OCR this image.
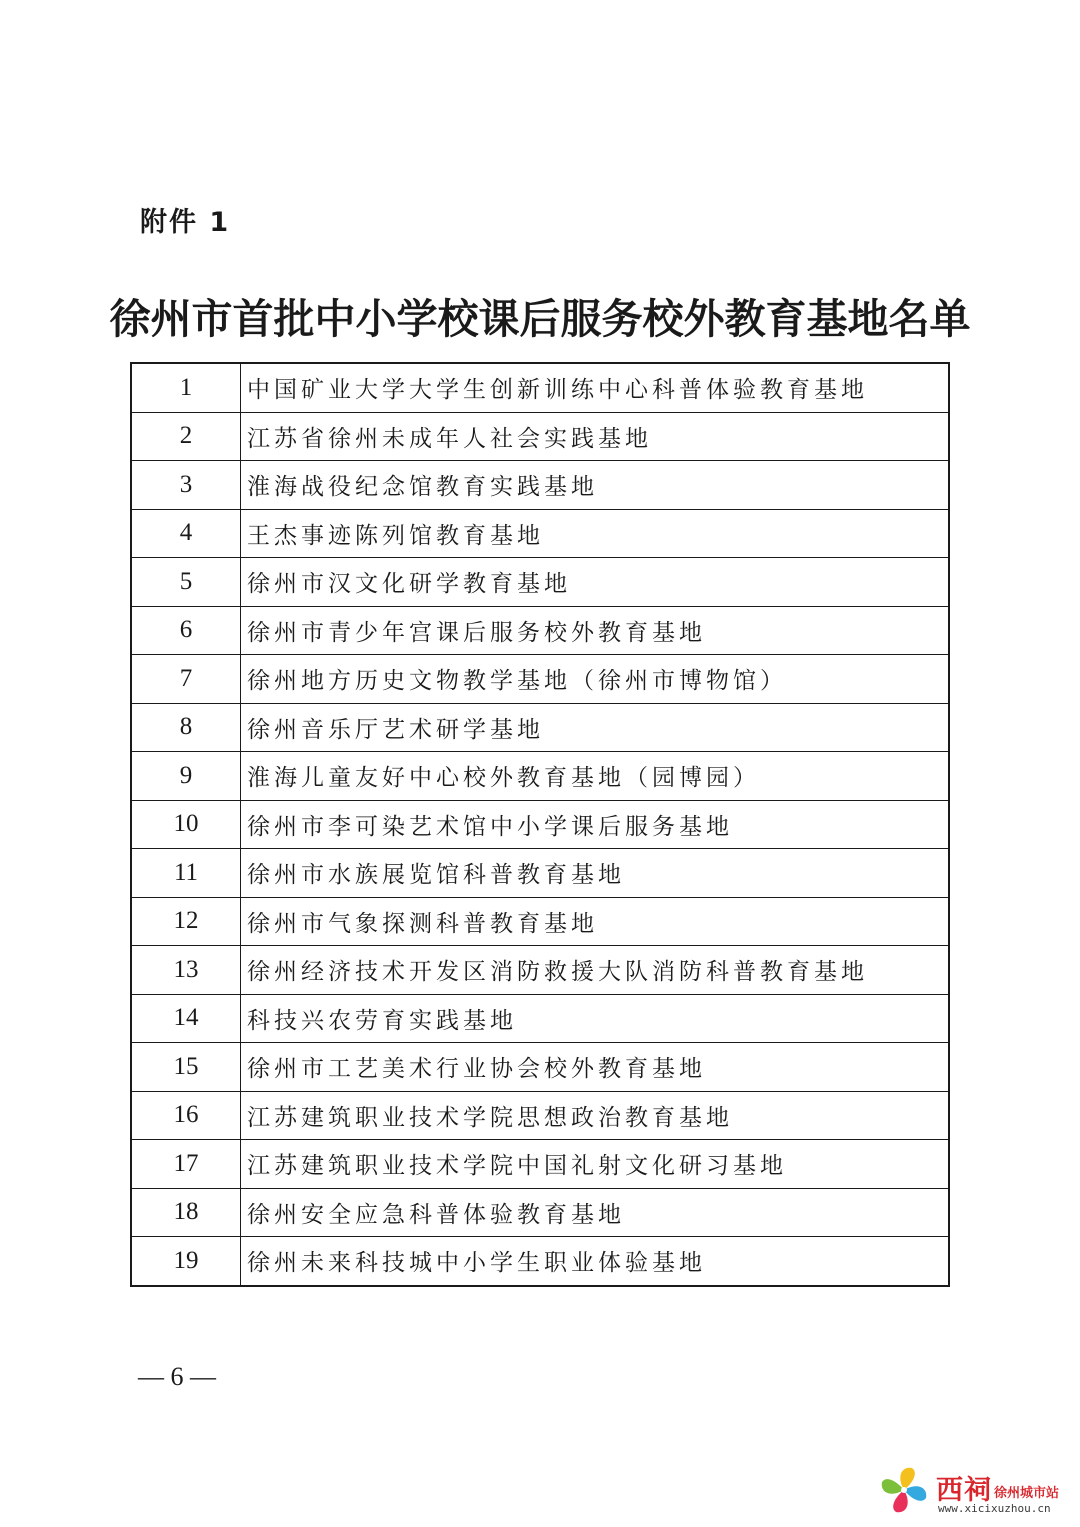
附件 1
徐州市首批中小学校课后服务校外教育基地名单
1	中国矿业大学大学生创新训练中心科普体验教育基地
2	江苏省徐州未成年人社会实践基地
3	淮海战役纪念馆教育实践基地
4	王杰事迹陈列馆教育基地
5	徐州市汉文化研学教育基地
6	徐州市青少年宫课后服务校外教育基地
7	徐州地方历史文物教学基地（徐州市博物馆）
8	徐州音乐厅艺术研学基地
9	淮海儿童友好中心校外教育基地（园博园）
10	徐州市李可染艺术馆中小学课后服务基地
11	徐州市水族展览馆科普教育基地
12	徐州市气象探测科普教育基地
13	徐州经济技术开发区消防救援大队消防科普教育基地
14	科技兴农劳育实践基地
15	徐州市工艺美术行业协会校外教育基地
16	江苏建筑职业技术学院思想政治教育基地
17	江苏建筑职业技术学院中国礼射文化研习基地
18	徐州安全应急科普体验教育基地
19	徐州未来科技城中小学生职业体验基地
— 6 —
西祠 徐州城市站
www.xicixuzhou.cn
